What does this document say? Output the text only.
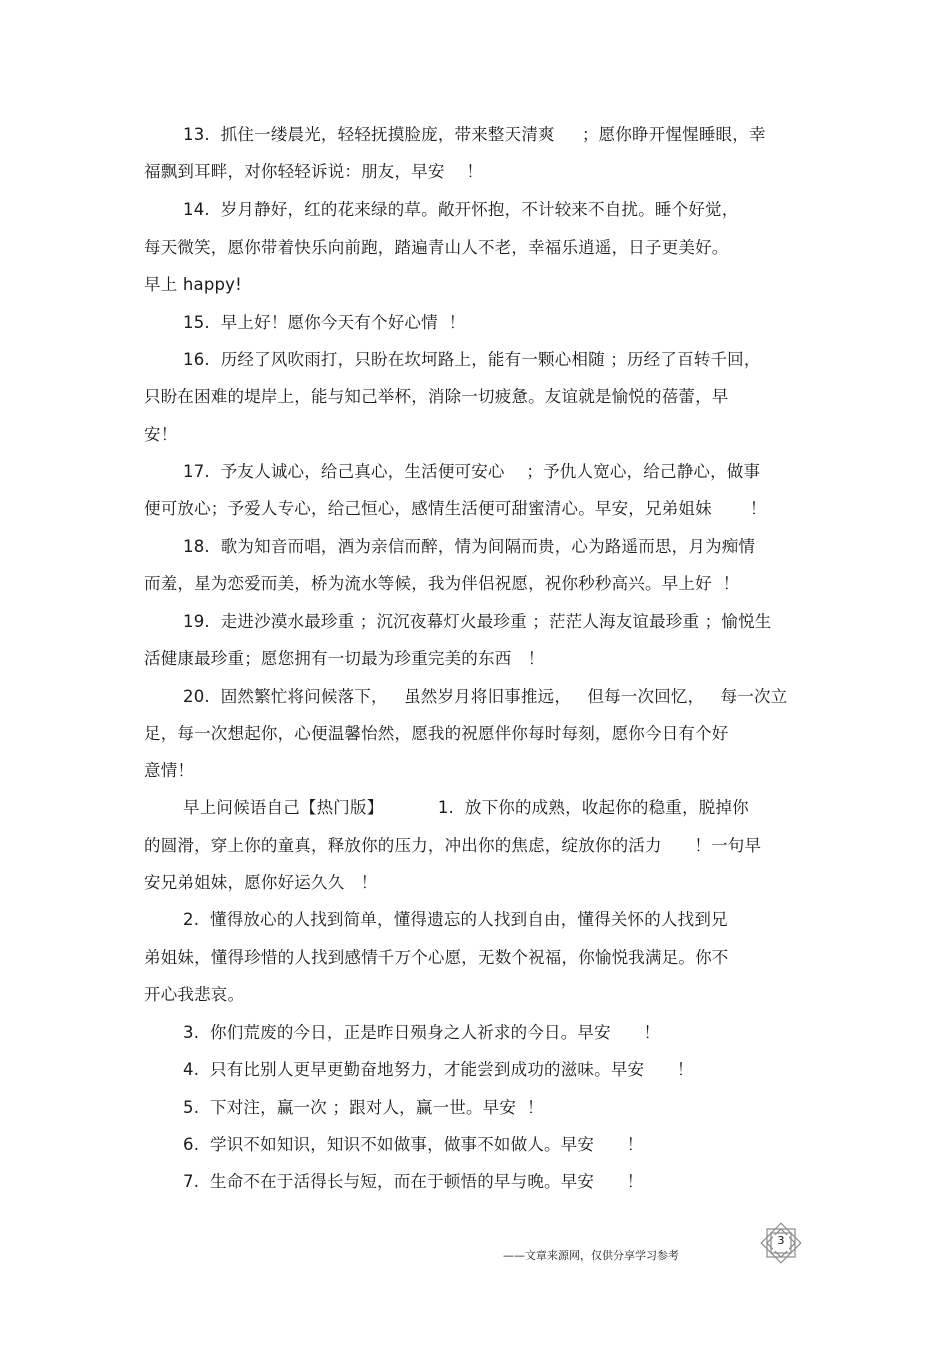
13.  抓住一缕晨光，轻轻抚摸脸庞，带来整天清爽     ；愿你睁开惺惺睡眼，幸
福飘到耳畔，对你轻轻诉说：朋友，早安    ！
14.  岁月静好，红的花来绿的草。敞开怀抱，不计较来不自扰。睡个好觉，
每天微笑，愿你带着快乐向前跑，踏遍青山人不老，幸福乐逍遥，日子更美好。
早上 happy!
15.  早上好！愿你今天有个好心情  ！
16.  历经了风吹雨打，只盼在坎坷路上，能有一颗心相随 ；历经了百转千回，
只盼在困难的堤岸上，能与知己举杯，消除一切疲惫。友谊就是愉悦的蓓蕾，早
安！
17.  予友人诚心，给己真心，生活便可安心    ；予仇人宽心，给己静心，做事
便可放心；予爱人专心，给己恒心，感情生活便可甜蜜清心。早安，兄弟姐妹       ！
18.  歌为知音而唱，酒为亲信而醉，情为间隔而贵，心为路遥而思，月为痴情
而羞，星为恋爱而美，桥为流水等候，我为伴侣祝愿，祝你秒秒高兴。早上好  ！
19.  走进沙漠水最珍重 ；沉沉夜幕灯火最珍重 ；茫茫人海友谊最珍重 ；愉悦生
活健康最珍重；愿您拥有一切最为珍重完美的东西   ！
20.  固然繁忙将问候落下，   虽然岁月将旧事推远，   但每一次回忆，   每一次立
足，每一次想起你，心便温馨怡然，愿我的祝愿伴你每时每刻，愿你今日有个好
意情！
早上问候语自己【热门版】          1.  放下你的成熟，收起你的稳重，脱掉你
的圆滑，穿上你的童真，释放你的压力，冲出你的焦虑，绽放你的活力      ！一句早
安兄弟姐妹，愿你好运久久   ！
2.  懂得放心的人找到简单，懂得遗忘的人找到自由，懂得关怀的人找到兄
弟姐妹，懂得珍惜的人找到感情千万个心愿，无数个祝福，你愉悦我满足。你不
开心我悲哀。
3.  你们荒废的今日，正是昨日殒身之人祈求的今日。早安      ！
4.  只有比别人更早更勤奋地努力，才能尝到成功的滋味。早安      ！
5.  下对注，赢一次 ；跟对人，赢一世。早安  ！
6.  学识不如知识，知识不如做事，做事不如做人。早安      ！
7.  生命不在于活得长与短，而在于顿悟的早与晚。早安      ！
3
——文章来源网，仅供分享学习参考
